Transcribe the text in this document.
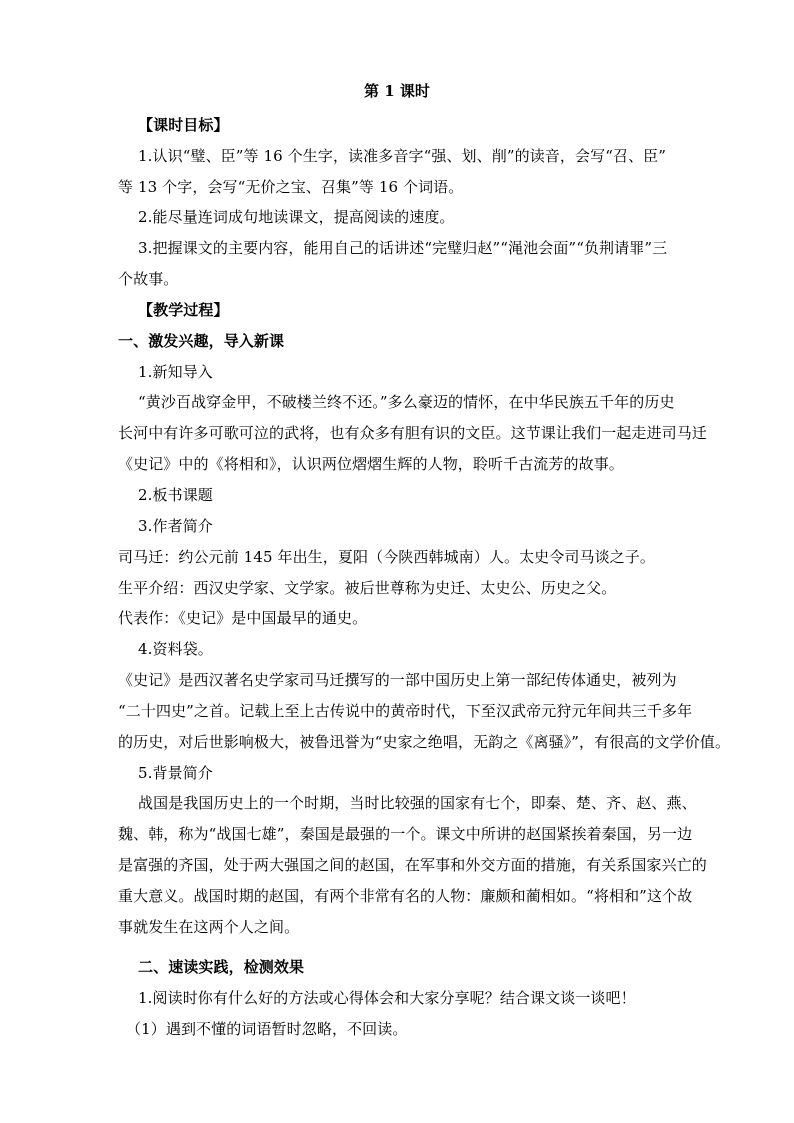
第 1 课时
【课时目标】
1.认识“璧、臣”等 16 个生字，读准多音字“强、划、削”的读音，会写“召、臣”
等 13 个字，会写“无价之宝、召集”等 16 个词语。
2.能尽量连词成句地读课文，提高阅读的速度。
3.把握课文的主要内容，能用自己的话讲述“完璧归赵”“渑池会面”“负荆请罪”三
个故事。
【教学过程】
一、激发兴趣，导入新课
1.新知导入
“黄沙百战穿金甲，不破楼兰终不还。”多么豪迈的情怀，在中华民族五千年的历史
长河中有许多可歌可泣的武将，也有众多有胆有识的文臣。这节课让我们一起走进司马迁
《史记》中的《将相和》，认识两位熠熠生辉的人物，聆听千古流芳的故事。
2.板书课题
3.作者简介
司马迁：约公元前 145 年出生，夏阳（今陕西韩城南）人。太史令司马谈之子。
生平介绍：西汉史学家、文学家。被后世尊称为史迁、太史公、历史之父。
代表作：《史记》是中国最早的通史。
4.资料袋。
《史记》是西汉著名史学家司马迁撰写的一部中国历史上第一部纪传体通史，被列为
“二十四史”之首。记载上至上古传说中的黄帝时代，下至汉武帝元狩元年间共三千多年
的历史，对后世影响极大，被鲁迅誉为“史家之绝唱，无韵之《离骚》”，有很高的文学价值。
5.背景简介
战国是我国历史上的一个时期，当时比较强的国家有七个，即秦、楚、齐、赵、燕、
魏、韩，称为“战国七雄”，秦国是最强的一个。课文中所讲的赵国紧挨着秦国，另一边
是富强的齐国，处于两大强国之间的赵国，在军事和外交方面的措施，有关系国家兴亡的
重大意义。战国时期的赵国，有两个非常有名的人物：廉颇和蔺相如。“将相和”这个故
事就发生在这两个人之间。
二、速读实践，检测效果
1.阅读时你有什么好的方法或心得体会和大家分享呢？结合课文谈一谈吧！
（1）遇到不懂的词语暂时忽略，不回读。
